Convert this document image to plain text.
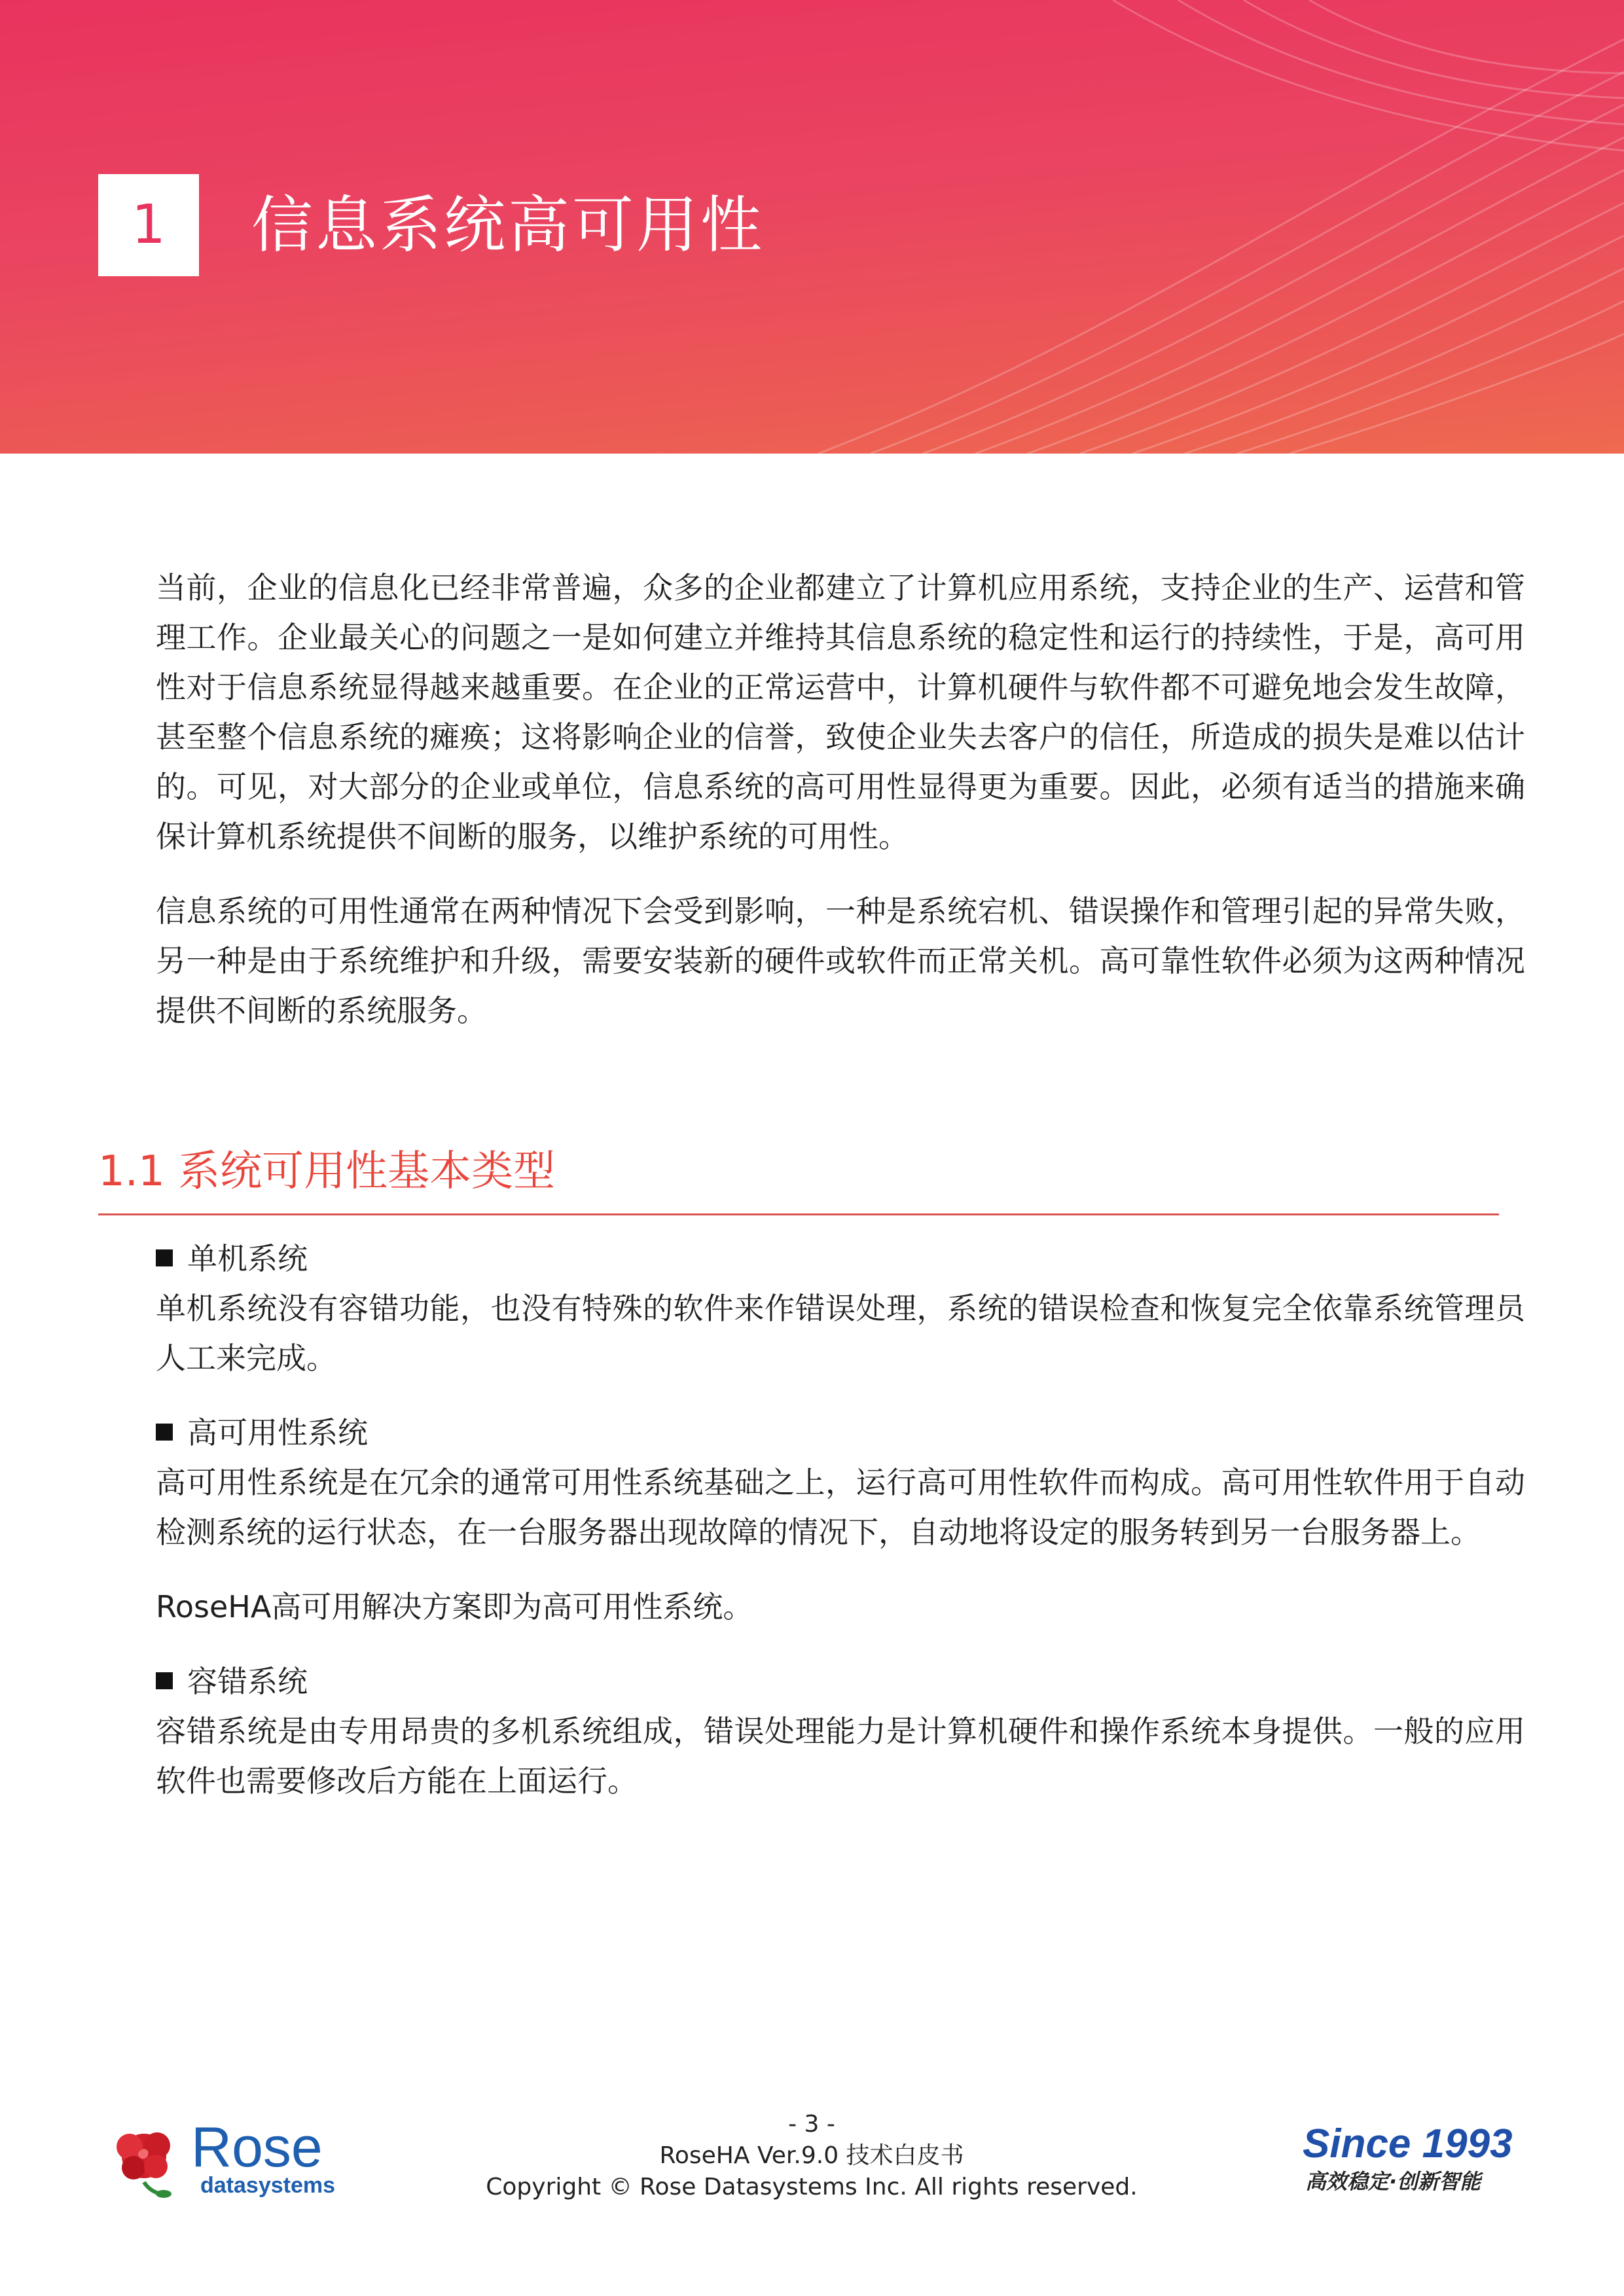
1	信息系统高可用性

当前，企业的信息化已经非常普遍，众多的企业都建立了计算机应用系统，支持企业的生产、运营和管理工作。企业最关心的问题之一是如何建立并维持其信息系统的稳定性和运行的持续性，于是，高可用性对于信息系统显得越来越重要。在企业的正常运营中，计算机硬件与软件都不可避免地会发生故障，甚至整个信息系统的瘫痪；这将影响企业的信誉，致使企业失去客户的信任，所造成的损失是难以估计的。可见，对大部分的企业或单位，信息系统的高可用性显得更为重要。因此，必须有适当的措施来确保计算机系统提供不间断的服务，以维护系统的可用性。

信息系统的可用性通常在两种情况下会受到影响，一种是系统宕机、错误操作和管理引起的异常失败，另一种是由于系统维护和升级，需要安装新的硬件或软件而正常关机。高可靠性软件必须为这两种情况提供不间断的系统服务。

1.1 系统可用性基本类型

单机系统

单机系统没有容错功能，也没有特殊的软件来作错误处理，系统的错误检查和恢复完全依靠系统管理员人工来完成。

高可用性系统

高可用性系统是在冗余的通常可用性系统基础之上，运行高可用性软件而构成。高可用性软件用于自动检测系统的运行状态，在一台服务器出现故障的情况下，自动地将设定的服务转到另一台服务器上。

RoseHA高可用解决方案即为高可用性系统。

容错系统

容错系统是由专用昂贵的多机系统组成，错误处理能力是计算机硬件和操作系统本身提供。一般的应用软件也需要修改后方能在上面运行。

Rose
datasystems
- 3 -
RoseHA Ver.9.0 技术白皮书
Copyright © Rose Datasystems Inc. All rights reserved.
Since 1993
高效稳定·创新智能
